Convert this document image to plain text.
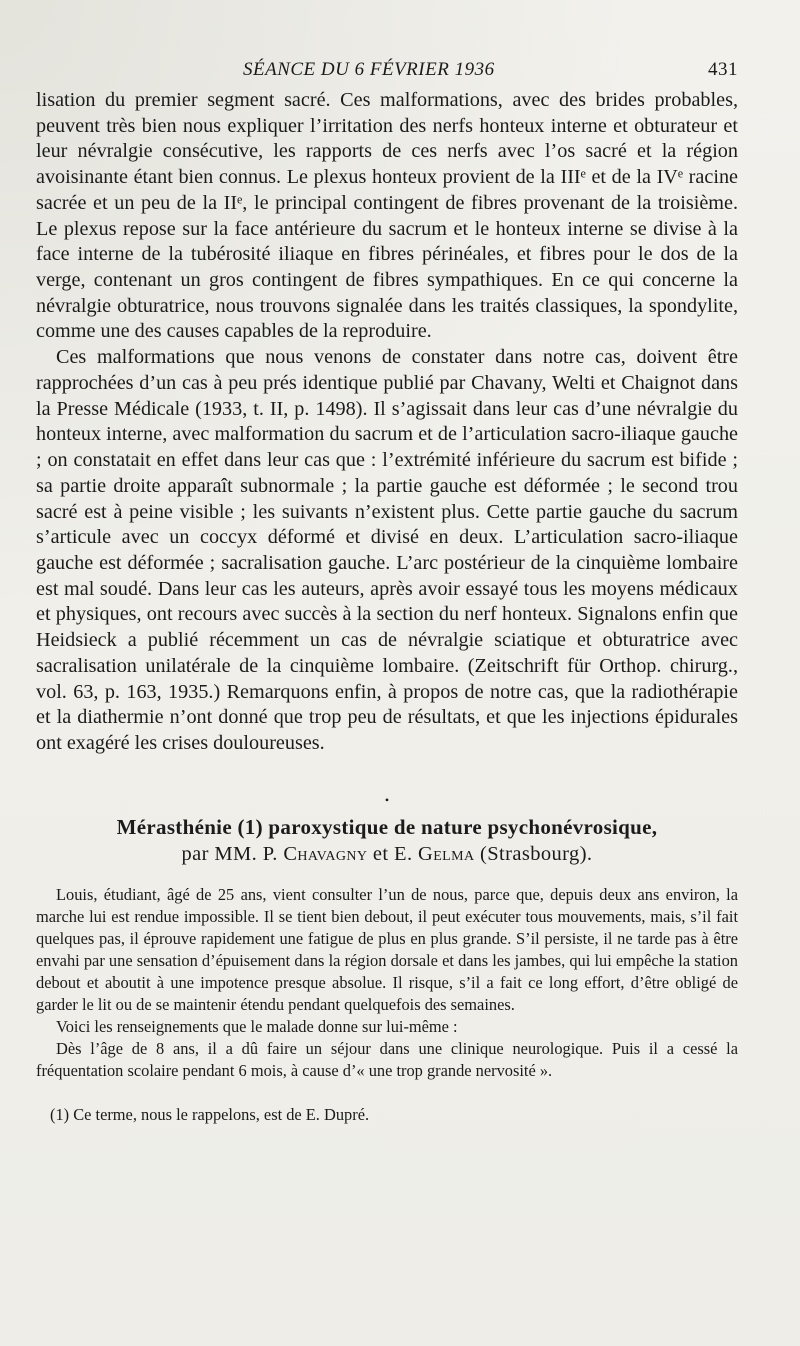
SÉANCE DU 6 FÉVRIER 1936	431

lisation du premier segment sacré. Ces malformations, avec des brides probables, peuvent très bien nous expliquer l’irritation des nerfs honteux interne et obturateur et leur névralgie consécutive, les rapports de ces nerfs avec l’os sacré et la région avoisinante étant bien connus. Le plexus honteux provient de la IIIᵉ et de la IVᵉ racine sacrée et un peu de la IIᵉ, le principal contingent de fibres provenant de la troisième. Le plexus repose sur la face antérieure du sacrum et le honteux interne se divise à la face interne de la tubérosité iliaque en fibres périnéales, et fibres pour le dos de la verge, contenant un gros contingent de fibres sympathiques. En ce qui concerne la névralgie obturatrice, nous trouvons signalée dans les traités classiques, la spondylite, comme une des causes capables de la reproduire.

Ces malformations que nous venons de constater dans notre cas, doivent être rapprochées d’un cas à peu prés identique publié par Chavany, Welti et Chaignot dans la Presse Médicale (1933, t. II, p. 1498). Il s’agissait dans leur cas d’une névralgie du honteux interne, avec malformation du sacrum et de l’articulation sacro-iliaque gauche ; on constatait en effet dans leur cas que : l’extrémité inférieure du sacrum est bifide ; sa partie droite apparaît subnormale ; la partie gauche est déformée ; le second trou sacré est à peine visible ; les suivants n’existent plus. Cette partie gauche du sacrum s’articule avec un coccyx déformé et divisé en deux. L’articulation sacro-iliaque gauche est déformée ; sacralisation gauche. L’arc postérieur de la cinquième lombaire est mal soudé. Dans leur cas les auteurs, après avoir essayé tous les moyens médicaux et physiques, ont recours avec succès à la section du nerf honteux. Signalons enfin que Heidsieck a publié récemment un cas de névralgie sciatique et obturatrice avec sacralisation unilatérale de la cinquième lombaire. (Zeitschrift für Orthop. chirurg., vol. 63, p. 163, 1935.) Remarquons enfin, à propos de notre cas, que la radiothérapie et la diathermie n’ont donné que trop peu de résultats, et que les injections épidurales ont exagéré les crises douloureuses.

•
Mérasthénie (1) paroxystique de nature psychonévrosique,
par MM. P. Chavagny et E. Gelma (Strasbourg).

Louis, étudiant, âgé de 25 ans, vient consulter l’un de nous, parce que, depuis deux ans environ, la marche lui est rendue impossible. Il se tient bien debout, il peut exécuter tous mouvements, mais, s’il fait quelques pas, il éprouve rapidement une fatigue de plus en plus grande. S’il persiste, il ne tarde pas à être envahi par une sensation d’épuisement dans la région dorsale et dans les jambes, qui lui empêche la station debout et aboutit à une impotence presque absolue. Il risque, s’il a fait ce long effort, d’être obligé de garder le lit ou de se maintenir étendu pendant quelquefois des semaines.

Voici les renseignements que le malade donne sur lui-même :

Dès l’âge de 8 ans, il a dû faire un séjour dans une clinique neurologique. Puis il a cessé la fréquentation scolaire pendant 6 mois, à cause d’« une trop grande nervosité ».

(1) Ce terme, nous le rappelons, est de E. Dupré.
